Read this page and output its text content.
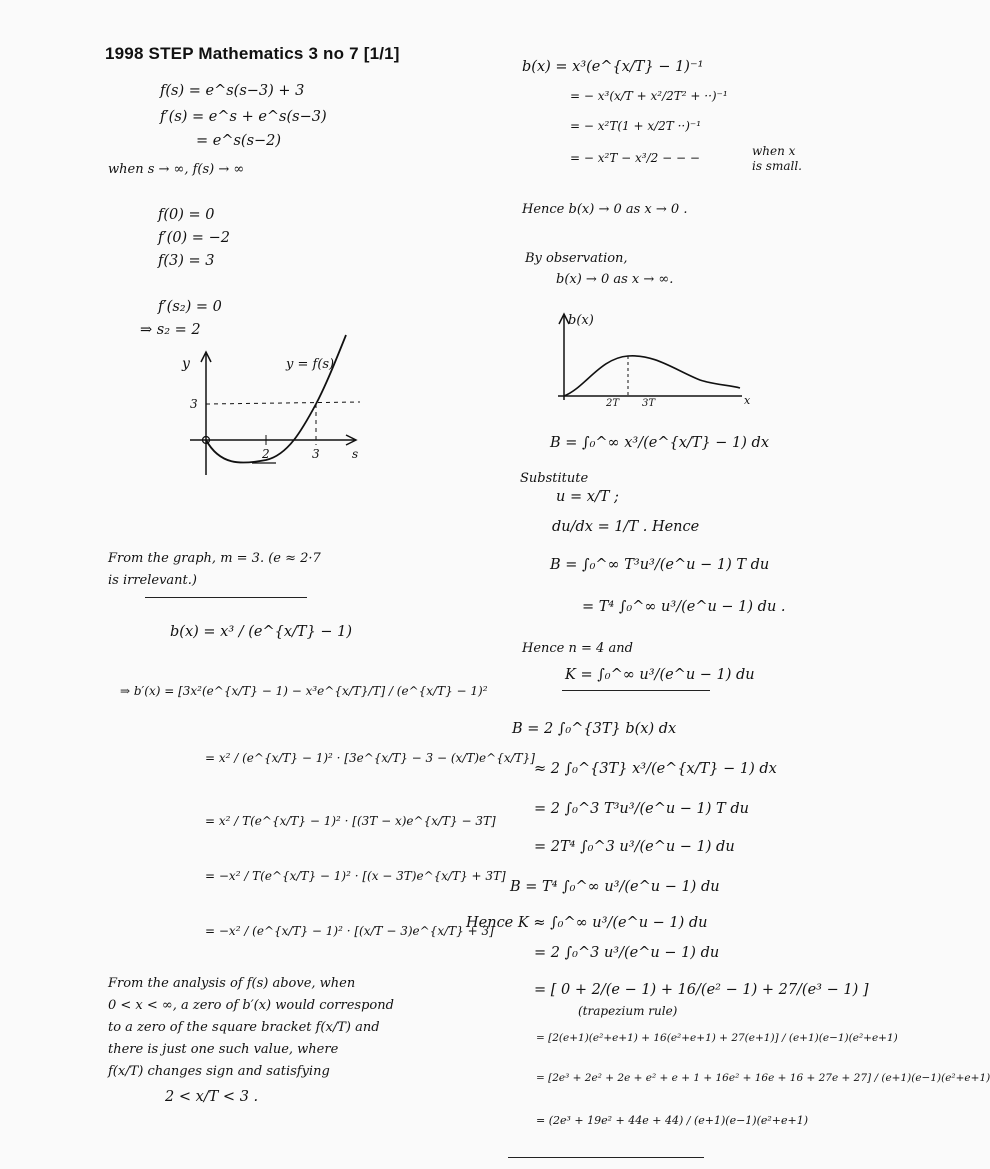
1998 STEP Mathematics 3 no 7 [1/1]
f(s) = e^s(s−3) + 3
f′(s) = e^s + e^s(s−3)
= e^s(s−2)
when s → ∞, f(s) → ∞
f(0) = 0
f′(0) = −2
f(3) = 3
f′(s₂) = 0
⇒ s₂ = 2
y	y = f(s)
3
2	3	s
From the graph, m = 3. (e ≈ 2·7
is irrelevant.)
b(x) = x³ / (e^{x/T} − 1)
⇒ b′(x) = [3x²(e^{x/T} − 1) − x³e^{x/T}/T] / (e^{x/T} − 1)²
= x² / (e^{x/T} − 1)² · [3e^{x/T} − 3 − (x/T)e^{x/T}]
= x² / T(e^{x/T} − 1)² · [(3T − x)e^{x/T} − 3T]
= −x² / T(e^{x/T} − 1)² · [(x − 3T)e^{x/T} + 3T]
= −x² / (e^{x/T} − 1)² · [(x/T − 3)e^{x/T} + 3]
From the analysis of f(s) above, when
0 < x < ∞, a zero of b′(x) would correspond
to a zero of the square bracket f(x/T) and
there is just one such value, where
f(x/T) changes sign and satisfying
2 < x/T < 3 .
b(x) = x³(e^{x/T} − 1)⁻¹
= − x³(x/T + x²/2T² + ··)⁻¹
= − x²T(1 + x/2T ··)⁻¹
= − x²T − x³/2 − − −	when x
is small.
Hence b(x) → 0 as x → 0 .
By observation,
b(x) → 0 as x → ∞.
b(x)
2T 3T	x
B = ∫₀^∞ x³/(e^{x/T} − 1) dx
Substitute
u = x/T ;
du/dx = 1/T . Hence
B = ∫₀^∞ T³u³/(e^u − 1) T du
= T⁴ ∫₀^∞ u³/(e^u − 1) du .
Hence n = 4 and
K = ∫₀^∞ u³/(e^u − 1) du
B = 2 ∫₀^{3T} b(x) dx
≈ 2 ∫₀^{3T} x³/(e^{x/T} − 1) dx
= 2 ∫₀^3 T³u³/(e^u − 1) T du
= 2T⁴ ∫₀^3 u³/(e^u − 1) du
B = T⁴ ∫₀^∞ u³/(e^u − 1) du
Hence K ≈ ∫₀^∞ u³/(e^u − 1) du
= 2 ∫₀^3 u³/(e^u − 1) du
= [ 0 + 2/(e − 1) + 16/(e² − 1) + 27/(e³ − 1) ]
(trapezium rule)
= [2(e+1)(e²+e+1) + 16(e²+e+1) + 27(e+1)] / (e+1)(e−1)(e²+e+1)
= [2e³ + 2e² + 2e + e² + e + 1 + 16e² + 16e + 16 + 27e + 27] / (e+1)(e−1)(e²+e+1)
= (2e³ + 19e² + 44e + 44) / (e+1)(e−1)(e²+e+1)
